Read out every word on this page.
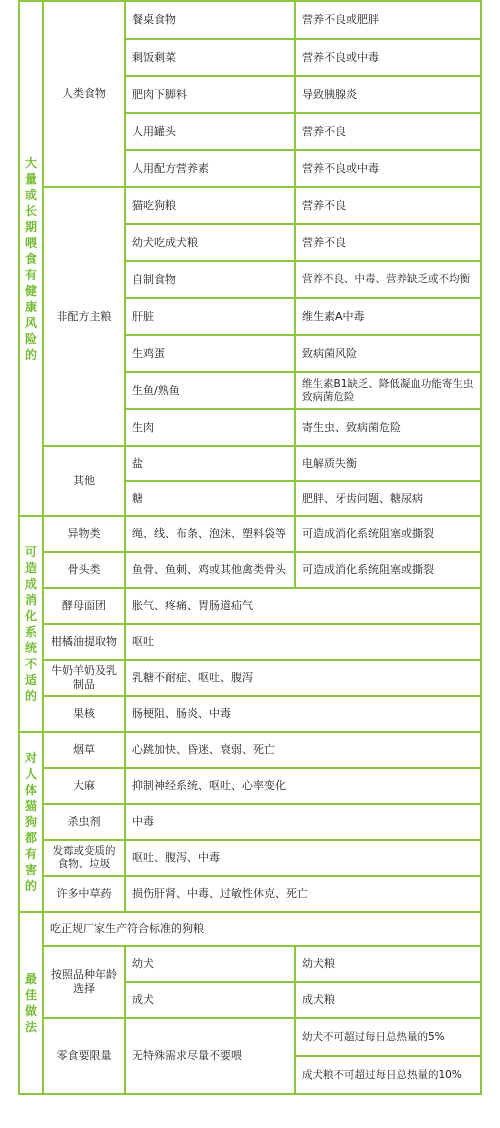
大量或长期喂食有健康风险的	人类食物	餐桌食物	营养不良或肥胖
		剩饭剩菜	营养不良或中毒
		肥肉下脚料	导致胰腺炎
		人用罐头	营养不良
		人用配方营养素	营养不良或中毒
	非配方主粮	猫吃狗粮	营养不良
		幼犬吃成犬粮	营养不良
		自制食物	营养不良、中毒、营养缺乏或不均衡
		肝脏	维生素A中毒
		生鸡蛋	致病菌风险
		生鱼/熟鱼	维生素B1缺乏、降低凝血功能寄生虫致病菌危险
		生肉	寄生虫、致病菌危险
	其他	盐	电解质失衡
		糖	肥胖、牙齿问题、糖尿病

可造成消化系统不适的	异物类	绳、线、布条、泡沫、塑料袋等	可造成消化系统阻塞或撕裂
	骨头类	鱼骨、鱼刺、鸡或其他禽类骨头	可造成消化系统阻塞或撕裂
	酵母面团	胀气、疼痛、胃肠道疝气	
	柑橘油提取物	呕吐	
	牛奶羊奶及乳制品	乳糖不耐症、呕吐、腹泻	
	果核	肠梗阻、肠炎、中毒	

对人体猫狗都有害的	烟草	心跳加快、昏迷、衰弱、死亡	
	大麻	抑制神经系统、呕吐、心率变化	
	杀虫剂	中毒	
	发霉或变质的食物、垃圾	呕吐、腹泻、中毒	
	许多中草药	损伤肝肾、中毒、过敏性休克、死亡	

最佳做法	吃正规厂家生产符合标准的狗粮		
	按照品种年龄选择	幼犬	幼犬粮
		成犬	成犬粮
	零食要限量	无特殊需求尽量不要喂	幼犬不可超过每日总热量的5%
			成犬粮不可超过每日总热量的10%
